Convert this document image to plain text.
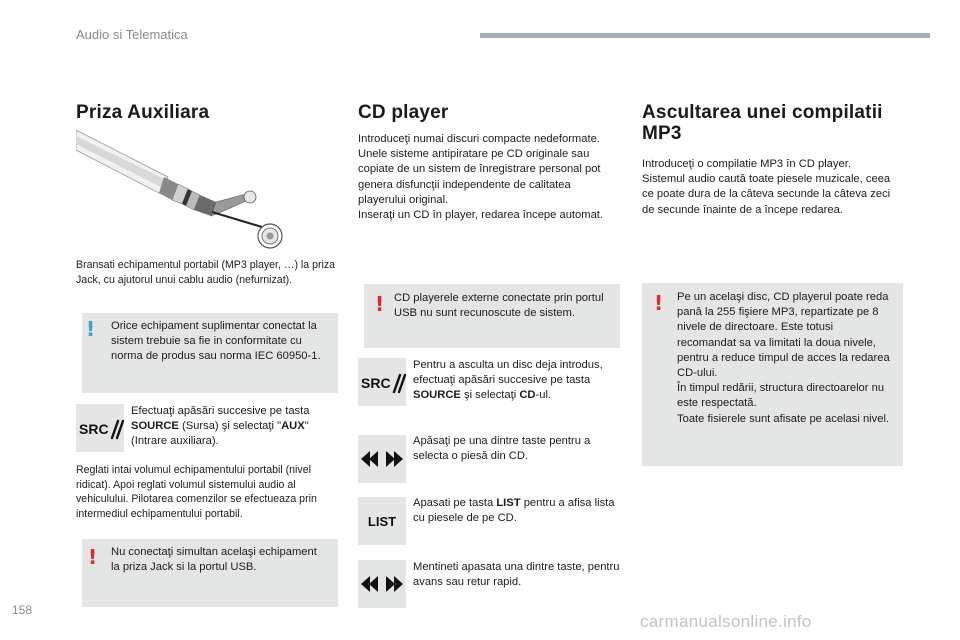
Audio si Telematica
Priza Auxiliara

Bransati echipamentul portabil (MP3 player, …) la priza Jack, cu ajutorul unui cablu audio (nefurnizat).

! Orice echipament suplimentar conectat la sistem trebuie sa fie in conformitate cu norma de produs sau norma IEC 60950-1.
SRC

Efectuaţi apăsări succesive pe tasta SOURCE (Sursa) şi selectaţi "AUX" (Intrare auxiliara).

Reglati intai volumul echipamentului portabil (nivel ridicat). Apoi reglati volumul sistemului audio al vehiculului. Pilotarea comenzilor se efectueaza prin intermediul echipamentului portabil.

! Nu conectaţi simultan acelaşi echipament la priza Jack si la portul USB.
CD player

Introduceţi numai discuri compacte nedeformate.
Unele sisteme antipiratare pe CD originale sau copiate de un sistem de înregistrare personal pot genera disfuncţii independente de calitatea playerului original.
Inseraţi un CD în player, redarea începe automat.

! CD playerele externe conectate prin portul USB nu sunt recunoscute de sistem.
SRC

Pentru a asculta un disc deja introdus, efectuaţi apăsări succesive pe tasta SOURCE şi selectaţi CD-ul.

Apăsaţi pe una dintre taste pentru a selecta o piesă din CD.

LIST

Apasati pe tasta LIST pentru a afisa lista cu piesele de pe CD.

Mentineti apasata una dintre taste, pentru avans sau retur rapid.

Ascultarea unei compilatii MP3

Introduceţi o compilatie MP3 în CD player.
Sistemul audio caută toate piesele muzicale, ceea ce poate dura de la câteva secunde la câteva zeci de secunde înainte de a începe redarea.

! Pe un acelaşi disc, CD playerul poate reda pană la 255 fişiere MP3, repartizate pe 8 nivele de directoare. Este totusi recomandat sa va limitati la doua nivele, pentru a reduce timpul de acces la redarea CD-ului.
În timpul redării, structura directoarelor nu este respectată.
Toate fisierele sunt afisate pe acelasi nivel.
158
carmanualsonline.info
